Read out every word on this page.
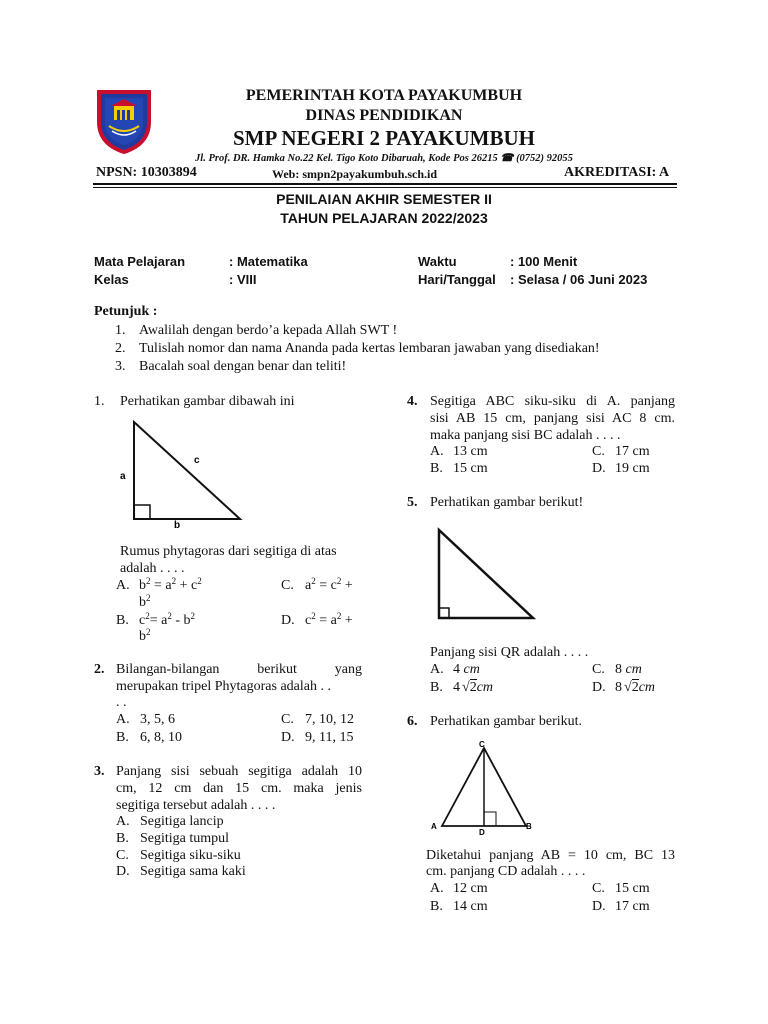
PEMERINTAH KOTA PAYAKUMBUH
DINAS PENDIDIKAN
SMP NEGERI 2 PAYAKUMBUH
Jl. Prof. DR. Hamka No.22 Kel. Tigo Koto Dibaruah, Kode Pos 26215 ☎ (0752) 92055
NPSN: 10303894	Web: smpn2payakumbuh.sch.id	AKREDITASI: A
PENILAIAN AKHIR SEMESTER II
TAHUN PELAJARAN 2022/2023
Mata Pelajaran	: Matematika	Waktu	: 100 Menit
Kelas	: VIII	Hari/Tanggal : Selasa / 06 Juni 2023
Petunjuk :
1. Awalilah dengan berdo’a kepada Allah SWT !
2. Tulislah nomor dan nama Ananda pada kertas lembaran jawaban yang disediakan!
3. Bacalah soal dengan benar dan teliti!
1. Perhatikan gambar dibawah ini
a
c
b
Rumus phytagoras dari segitiga di atas
adalah . . . .
A. $b^2 = a^2 + c^2$	C. $a^2 = c^2$ +
$b^2$
B. $c^2= a^2 - b^2$	D. $c^2 = a^2$ +
$b^2$
2. Bilangan-bilangan	berikut	yang
merupakan tripel Phytagoras adalah . .
. .
A. 3, 5, 6	C. 7, 10, 12
B. 6, 8, 10	D. 9, 11, 15
3. Panjang sisi sebuah segitiga adalah 10
cm, 12 cm dan 15 cm. maka jenis
segitiga tersebut adalah . . . .
A. Segitiga lancip
B. Segitiga tumpul
C. Segitiga siku-siku
D. Segitiga sama kaki
4. Segitiga ABC siku-siku di A. panjang
sisi AB 15 cm, panjang sisi AC 8 cm.
maka panjang sisi BC adalah . . . .
A. 13 cm	C. 17 cm
B. 15 cm	D. 19 cm
5. Perhatikan gambar berikut!
Panjang sisi QR adalah . . . .
A. 4 cm	C. 8 cm
B. 4 √2cm	D. 8 √2cm
6. Perhatikan gambar berikut.
C
A	B
D
Diketahui panjang AB = 10 cm, BC 13
cm. panjang CD adalah . . . .
A. 12 cm	C. 15 cm
B. 14 cm	D. 17 cm
